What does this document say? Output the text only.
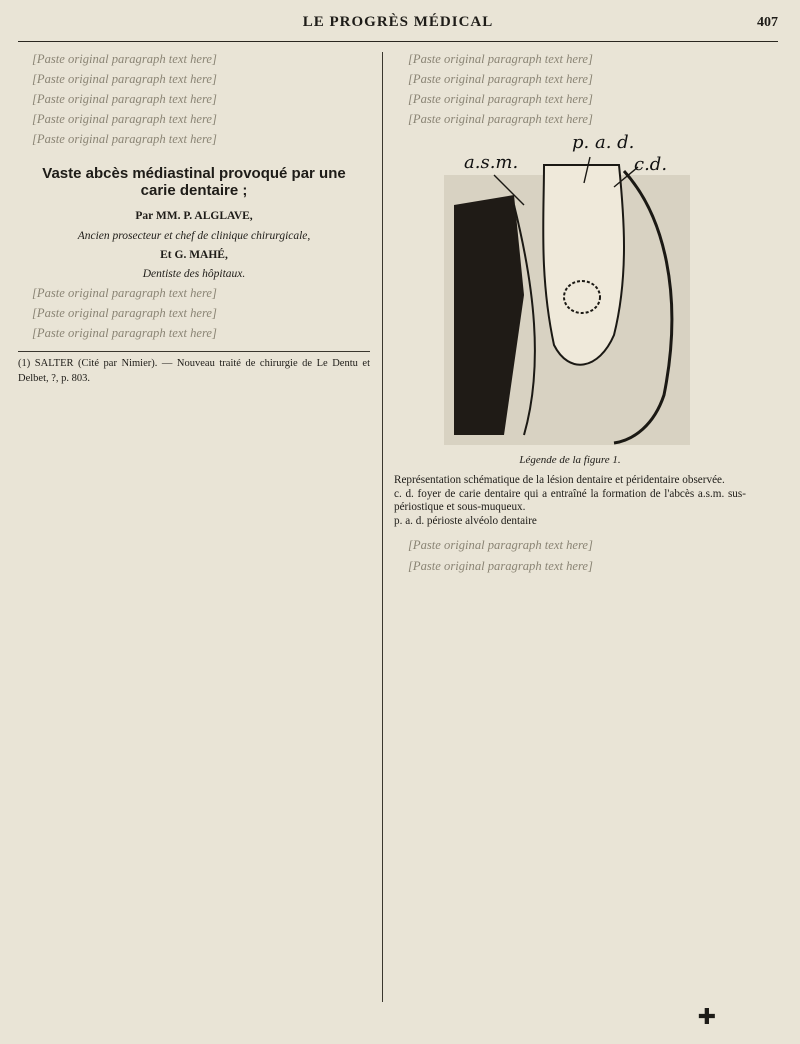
LE PROGRÈS MÉDICAL	407

[Paste original paragraph text here]

[Paste original paragraph text here]

[Paste original paragraph text here]

[Paste original paragraph text here]

[Paste original paragraph text here]

Vaste abcès médiastinal provoqué par une carie dentaire ;
Par MM. P. ALGLAVE,
Ancien prosecteur et chef de clinique chirurgicale,
Et G. MAHÉ,
Dentiste des hôpitaux.

[Paste original paragraph text here]

[Paste original paragraph text here]

[Paste original paragraph text here]

(1) SALTER (Cité par Nimier). — Nouveau traité de chirurgie de Le Dentu et Delbet, ?, p. 803.

[Paste original paragraph text here]

[Paste original paragraph text here]

[Paste original paragraph text here]

[Paste original paragraph text here]

p. a. d.
a.s.m.	c.d.
Légende de la figure 1.
Représentation schématique de la lésion dentaire et péridentaire observée.
c. d. foyer de carie dentaire qui a entraîné la formation de l'abcès a.s.m. sus-périostique et sous-muqueux.
p. a. d. périoste alvéolo dentaire

[Paste original paragraph text here]

[Paste original paragraph text here]

✚
